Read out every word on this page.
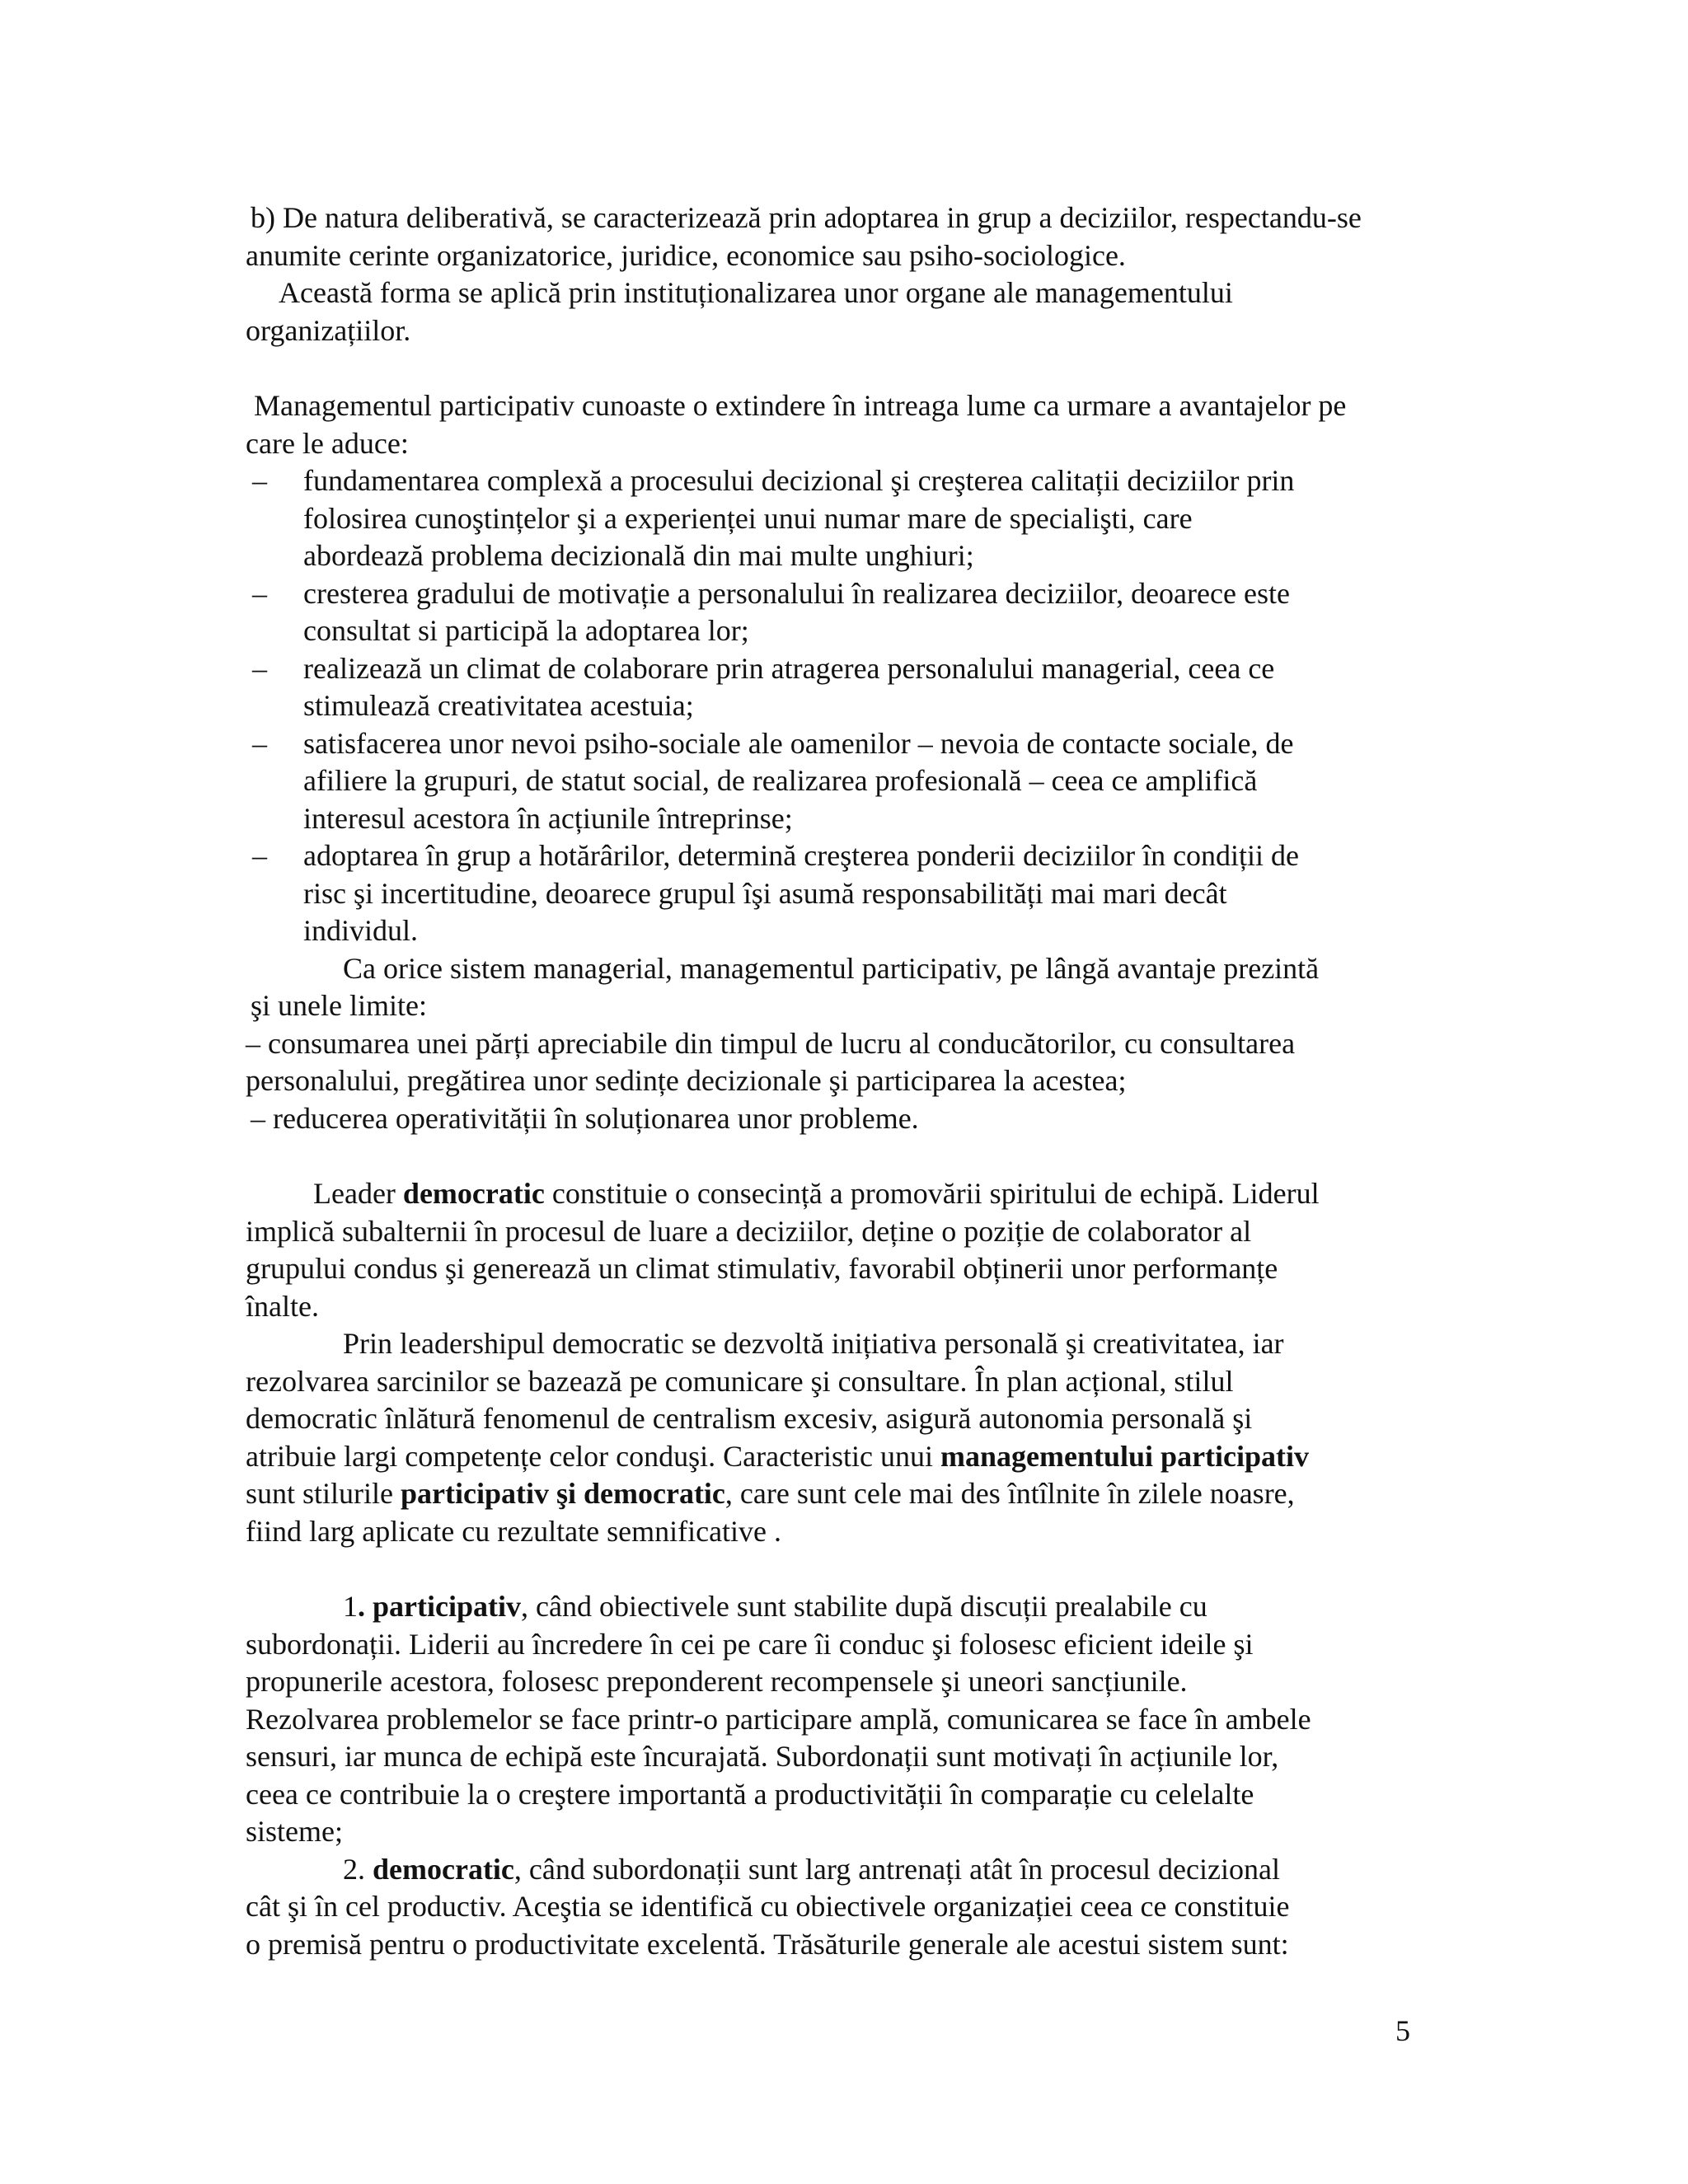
b) De natura deliberativă, se caracterizează prin adoptarea in grup a deciziilor, respectandu-se
anumite cerinte organizatorice, juridice, economice sau psiho-sociologice.
Această forma se aplică prin instituționalizarea unor organe ale managementului
organizațiilor.
Managementul participativ cunoaste o extindere în intreaga lume ca urmare a avantajelor pe
care le aduce:
– fundamentarea complexă a procesului decizional şi creşterea calitații deciziilor prin
folosirea cunoştințelor şi a experienței unui numar mare de specialişti, care
abordează problema decizională din mai multe unghiuri;
– cresterea gradului de motivație a personalului în realizarea deciziilor, deoarece este
consultat si participă la adoptarea lor;
– realizează un climat de colaborare prin atragerea personalului managerial, ceea ce
stimulează creativitatea acestuia;
– satisfacerea unor nevoi psiho-sociale ale oamenilor – nevoia de contacte sociale, de
afiliere la grupuri, de statut social, de realizarea profesională – ceea ce amplifică
interesul acestora în acțiunile întreprinse;
– adoptarea în grup a hotărârilor, determină creşterea ponderii deciziilor în condiții de
risc şi incertitudine, deoarece grupul îşi asumă responsabilități mai mari decât
individul.
Ca orice sistem managerial, managementul participativ, pe lângă avantaje prezintă
şi unele limite:
– consumarea unei părți apreciabile din timpul de lucru al conducătorilor, cu consultarea
personalului, pregătirea unor sedințe decizionale şi participarea la acestea;
– reducerea operativității în soluționarea unor probleme.
Leader democratic constituie o consecință a promovării spiritului de echipă. Liderul
implică subalternii în procesul de luare a deciziilor, deține o poziție de colaborator al
grupului condus şi generează un climat stimulativ, favorabil obținerii unor performanțe
înalte.
Prin leadershipul democratic se dezvoltă inițiativa personală şi creativitatea, iar
rezolvarea sarcinilor se bazează pe comunicare şi consultare. În plan acțional, stilul
democratic înlătură fenomenul de centralism excesiv, asigură autonomia personală şi
atribuie largi competențe celor conduşi. Caracteristic unui managementului participativ
sunt stilurile participativ şi democratic, care sunt cele mai des întîlnite în zilele noasre,
fiind larg aplicate cu rezultate semnificative .
1. participativ, când obiectivele sunt stabilite după discuții prealabile cu
subordonații. Liderii au încredere în cei pe care îi conduc şi folosesc eficient ideile şi
propunerile acestora, folosesc preponderent recompensele şi uneori sancțiunile.
Rezolvarea problemelor se face printr-o participare amplă, comunicarea se face în ambele
sensuri, iar munca de echipă este încurajată. Subordonații sunt motivați în acțiunile lor,
ceea ce contribuie la o creştere importantă a productivității în comparație cu celelalte
sisteme;
2. democratic, când subordonații sunt larg antrenați atât în procesul decizional
cât şi în cel productiv. Aceştia se identifică cu obiectivele organizației ceea ce constituie
o premisă pentru o productivitate excelentă. Trăsăturile generale ale acestui sistem sunt:
5
